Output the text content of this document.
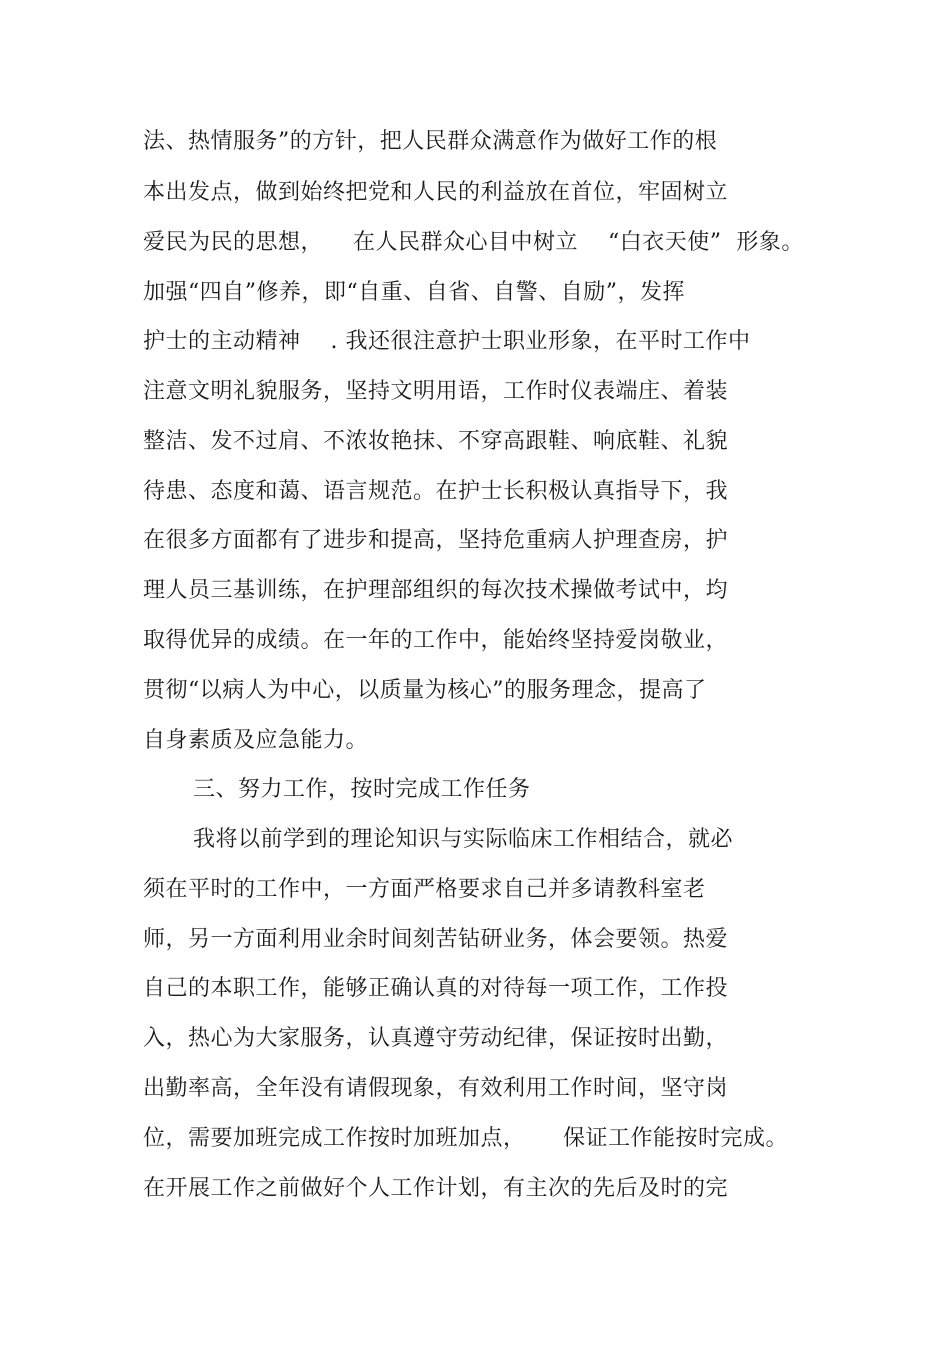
法、热情服务”的方针，把人民群众满意作为做好工作的根
本出发点，做到始终把党和人民的利益放在首位，牢固树立
爱民为民的思想，    在人民群众心目中树立    “白衣天使”  形象。
加强“四自”修养，即“自重、自省、自警、自励”，发挥
护士的主动精神    . 我还很注意护士职业形象，在平时工作中
注意文明礼貌服务，坚持文明用语，工作时仪表端庄、着装
整洁、发不过肩、不浓妆艳抹、不穿高跟鞋、响底鞋、礼貌
待患、态度和蔼、语言规范。在护士长积极认真指导下，我
在很多方面都有了进步和提高，坚持危重病人护理查房，护
理人员三基训练，在护理部组织的每次技术操做考试中，均
取得优异的成绩。在一年的工作中，能始终坚持爱岗敬业，
贯彻“以病人为中心，以质量为核心”的服务理念，提高了
自身素质及应急能力。
三、努力工作，按时完成工作任务
我将以前学到的理论知识与实际临床工作相结合，就必
须在平时的工作中，一方面严格要求自己并多请教科室老
师，另一方面利用业余时间刻苦钻研业务，体会要领。热爱
自己的本职工作，能够正确认真的对待每一项工作，工作投
入，热心为大家服务，认真遵守劳动纪律，保证按时出勤，
出勤率高，全年没有请假现象，有效利用工作时间，坚守岗
位，需要加班完成工作按时加班加点，     保证工作能按时完成。
在开展工作之前做好个人工作计划，有主次的先后及时的完
